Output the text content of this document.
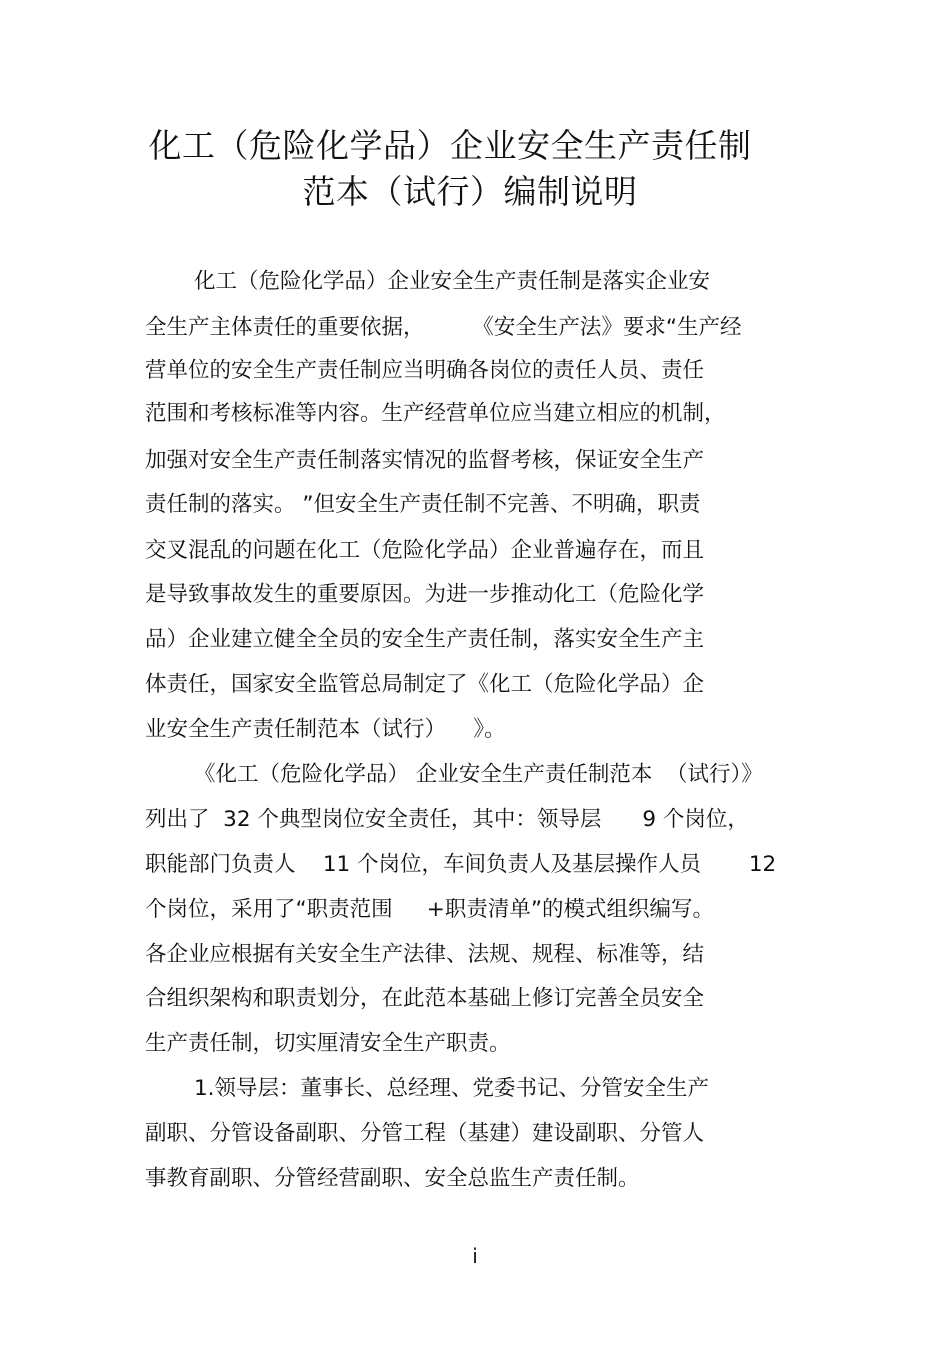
化工（危险化学品）企业安全生产责任制
范本（试行）编制说明
化工（危险化学品）企业安全生产责任制是落实企业安
全生产主体责任的重要依据，       《安全生产法》要求“生产经
营单位的安全生产责任制应当明确各岗位的责任人员、责任
范围和考核标准等内容。生产经营单位应当建立相应的机制，
加强对安全生产责任制落实情况的监督考核，保证安全生产
责任制的落实。 ”但安全生产责任制不完善、不明确，职责
交叉混乱的问题在化工（危险化学品）企业普遍存在，而且
是导致事故发生的重要原因。为进一步推动化工（危险化学
品）企业建立健全全员的安全生产责任制，落实安全生产主
体责任，国家安全监管总局制定了《化工（危险化学品）企
业安全生产责任制范本（试行）    》。
《化工（危险化学品） 企业安全生产责任制范本  （试行）》
列出了  32 个典型岗位安全责任，其中：领导层      9 个岗位，
职能部门负责人    11 个岗位，车间负责人及基层操作人员       12
个岗位，采用了“职责范围     +职责清单”的模式组织编写。
各企业应根据有关安全生产法律、法规、规程、标准等，结
合组织架构和职责划分，在此范本基础上修订完善全员安全
生产责任制，切实厘清安全生产职责。
1.领导层：董事长、总经理、党委书记、分管安全生产
副职、分管设备副职、分管工程（基建）建设副职、分管人
事教育副职、分管经营副职、安全总监生产责任制。
i
